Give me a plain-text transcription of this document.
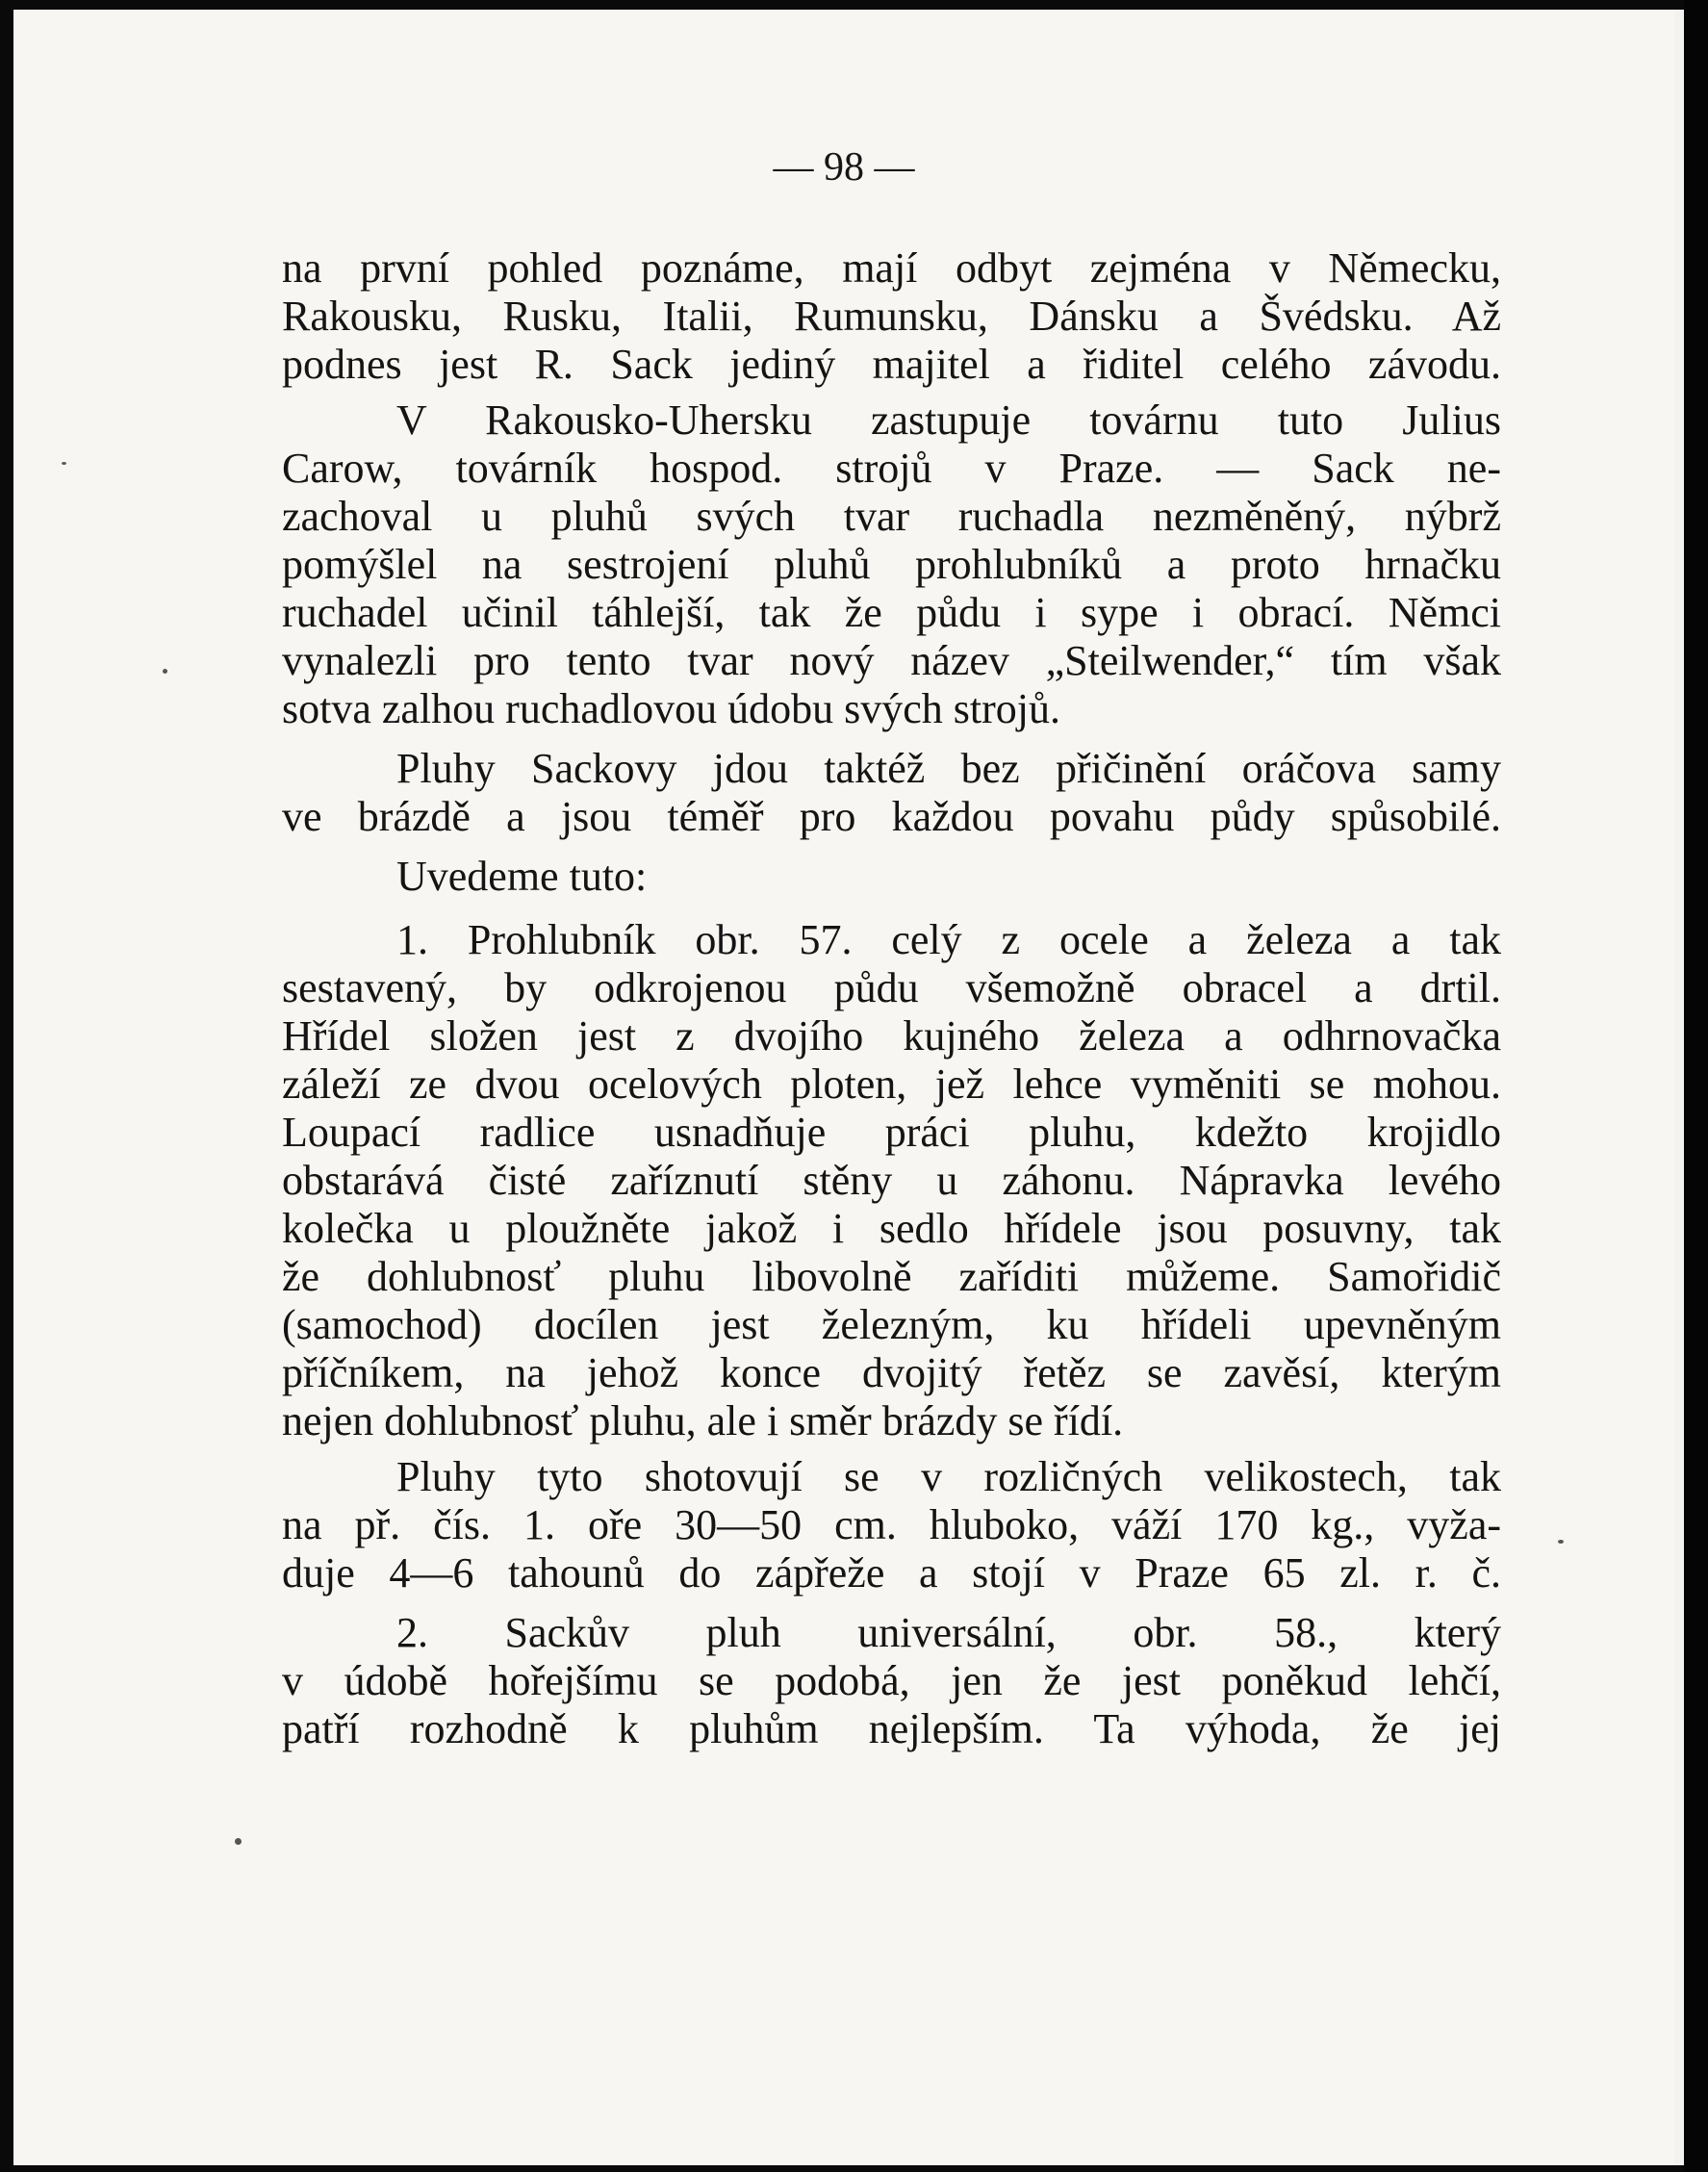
— 98 —
na první pohled poznáme, mají odbyt zejména v Německu,
Rakousku, Rusku, Italii, Rumunsku, Dánsku a Švédsku. Až
podnes jest R. Sack jediný majitel a řiditel celého závodu.
V Rakousko-Uhersku zastupuje továrnu tuto Julius
Carow, továrník hospod. strojů v Praze. — Sack ne-
zachoval u pluhů svých tvar ruchadla nezměněný, nýbrž
pomýšlel na sestrojení pluhů prohlubníků a proto hrnačku
ruchadel učinil táhlejší, tak že půdu i sype i obrací. Němci
vynalezli pro tento tvar nový název „Steilwender,“ tím však
sotva zalhou ruchadlovou údobu svých strojů.
Pluhy Sackovy jdou taktéž bez přičinění oráčova samy
ve brázdě a jsou téměř pro každou povahu půdy spůsobilé.
Uvedeme tuto:
1. Prohlubník obr. 57. celý z ocele a železa a tak
sestavený, by odkrojenou půdu všemožně obracel a drtil.
Hřídel složen jest z dvojího kujného železa a odhrnovačka
záleží ze dvou ocelových ploten, jež lehce vyměniti se mohou.
Loupací radlice usnadňuje práci pluhu, kdežto krojidlo
obstarává čisté zaříznutí stěny u záhonu. Nápravka levého
kolečka u ploužněte jakož i sedlo hřídele jsou posuvny, tak
že dohlubnosť pluhu libovolně zaříditi můžeme. Samořidič
(samochod) docílen jest železným, ku hřídeli upevněným
příčníkem, na jehož konce dvojitý řetěz se zavěsí, kterým
nejen dohlubnosť pluhu, ale i směr brázdy se řídí.
Pluhy tyto shotovují se v rozličných velikostech, tak
na př. čís. 1. oře 30—50 cm. hluboko, váží 170 kg., vyža-
duje 4—6 tahounů do zápřeže a stojí v Praze 65 zl. r. č.
2. Sackův pluh universální, obr. 58., který
v údobě hořejšímu se podobá, jen že jest poněkud lehčí,
patří rozhodně k pluhům nejlepším. Ta výhoda, že jej
